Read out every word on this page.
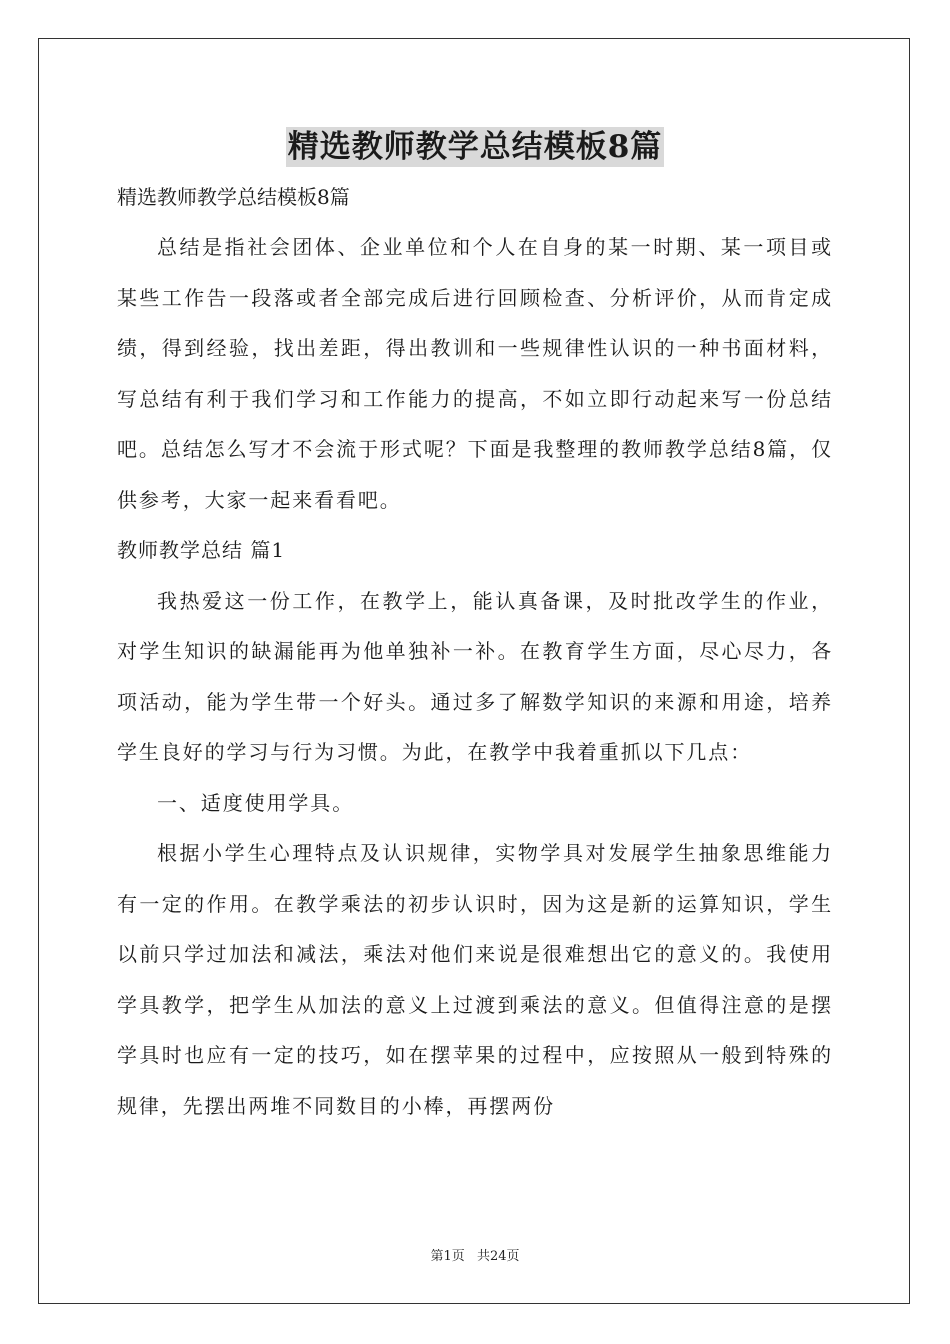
精选教师教学总结模板8篇
精选教师教学总结模板8篇

总结是指社会团体、企业单位和个人在自身的某一时期、某一项目或某些工作告一段落或者全部完成后进行回顾检查、分析评价，从而肯定成绩，得到经验，找出差距，得出教训和一些规律性认识的一种书面材料，写总结有利于我们学习和工作能力的提高，不如立即行动起来写一份总结吧。总结怎么写才不会流于形式呢？下面是我整理的教师教学总结8篇，仅供参考，大家一起来看看吧。

教师教学总结 篇1

我热爱这一份工作，在教学上，能认真备课，及时批改学生的作业，对学生知识的缺漏能再为他单独补一补。在教育学生方面，尽心尽力，各项活动，能为学生带一个好头。通过多了解数学知识的来源和用途，培养学生良好的学习与行为习惯。为此，在教学中我着重抓以下几点：

一、适度使用学具。

根据小学生心理特点及认识规律，实物学具对发展学生抽象思维能力有一定的作用。在教学乘法的初步认识时，因为这是新的运算知识，学生以前只学过加法和减法，乘法对他们来说是很难想出它的意义的。我使用学具教学，把学生从加法的意义上过渡到乘法的意义。但值得注意的是摆学具时也应有一定的技巧，如在摆苹果的过程中，应按照从一般到特殊的规律，先摆出两堆不同数目的小棒，再摆两份

第1页 共24页
